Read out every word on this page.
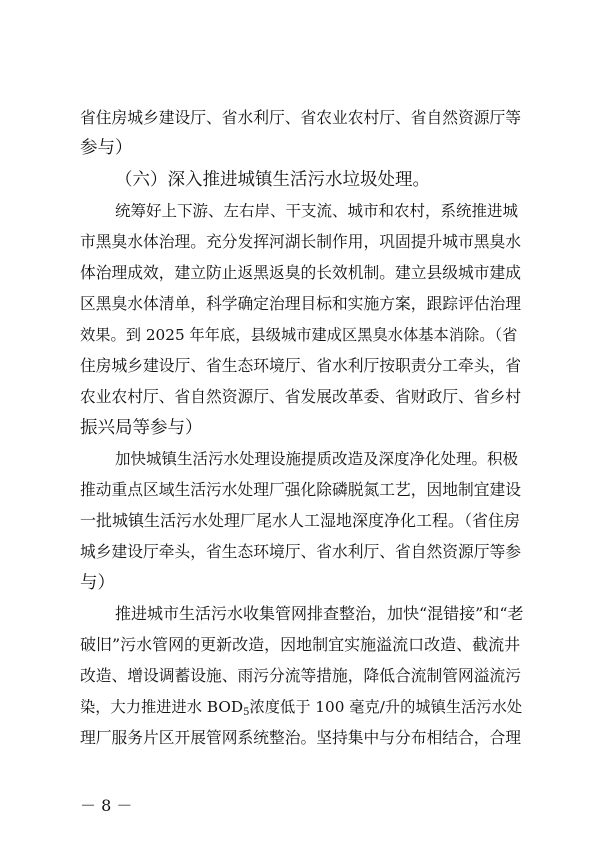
省住房城乡建设厅、省水利厅、省农业农村厅、省自然资源厅等
参与）
（六）深入推进城镇生活污水垃圾处理。
统筹好上下游、左右岸、干支流、城市和农村，系统推进城
市黑臭水体治理。充分发挥河湖长制作用，巩固提升城市黑臭水
体治理成效，建立防止返黑返臭的长效机制。建立县级城市建成
区黑臭水体清单，科学确定治理目标和实施方案，跟踪评估治理
效果。到 2025 年年底，县级城市建成区黑臭水体基本消除。（省
住房城乡建设厅、省生态环境厅、省水利厅按职责分工牵头，省
农业农村厅、省自然资源厅、省发展改革委、省财政厅、省乡村
振兴局等参与）
加快城镇生活污水处理设施提质改造及深度净化处理。积极
推动重点区域生活污水处理厂强化除磷脱氮工艺，因地制宜建设
一批城镇生活污水处理厂尾水人工湿地深度净化工程。（省住房
城乡建设厅牵头，省生态环境厅、省水利厅、省自然资源厅等参
与）
推进城市生活污水收集管网排查整治，加快“混错接”和“老
破旧”污水管网的更新改造，因地制宜实施溢流口改造、截流井
改造、增设调蓄设施、雨污分流等措施，降低合流制管网溢流污
染，大力推进进水 $BOD_5$浓度低于 100 毫克/升的城镇生活污水处
理厂服务片区开展管网系统整治。坚持集中与分布相结合，合理
－ 8 －
